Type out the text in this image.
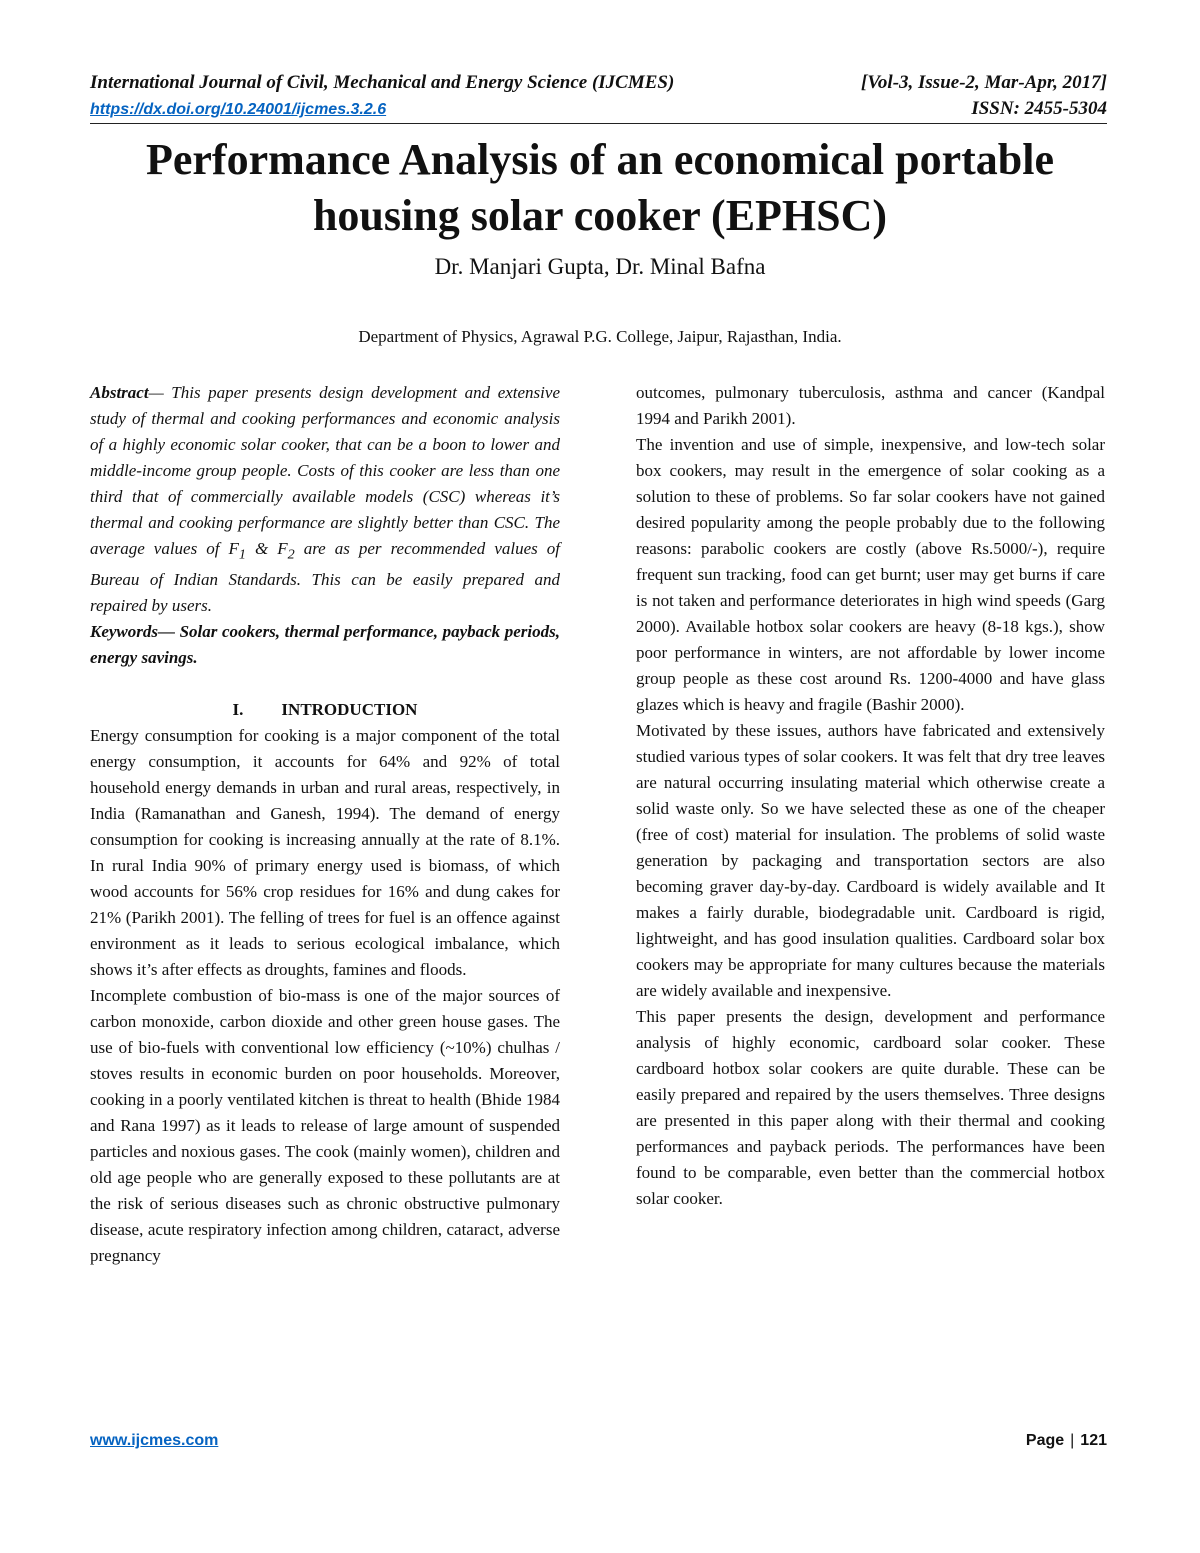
International Journal of Civil, Mechanical and Energy Science (IJCMES)	[Vol-3, Issue-2, Mar-Apr, 2017]
https://dx.doi.org/10.24001/ijcmes.3.2.6	ISSN: 2455-5304
Performance Analysis of an economical portable
housing solar cooker (EPHSC)
Dr. Manjari Gupta, Dr. Minal Bafna
Department of Physics, Agrawal P.G. College, Jaipur, Rajasthan, India.

Abstract— This paper presents design development and extensive study of thermal and cooking performances and economic analysis of a highly economic solar cooker, that can be a boon to lower and middle-income group people. Costs of this cooker are less than one third that of commercially available models (CSC) whereas it’s thermal and cooking performance are slightly better than CSC. The average values of $F_1$ & $F_2$ are as per recommended values of Bureau of Indian Standards. This can be easily prepared and repaired by users.

Keywords— Solar cookers, thermal performance, payback periods, energy savings.

I. INTRODUCTION

Energy consumption for cooking is a major component of the total energy consumption, it accounts for 64% and 92% of total household energy demands in urban and rural areas, respectively, in India (Ramanathan and Ganesh, 1994). The demand of energy consumption for cooking is increasing annually at the rate of 8.1%. In rural India 90% of primary energy used is biomass, of which wood accounts for 56% crop residues for 16% and dung cakes for 21% (Parikh 2001). The felling of trees for fuel is an offence against environment as it leads to serious ecological imbalance, which shows it’s after effects as droughts, famines and floods.

Incomplete combustion of bio-mass is one of the major sources of carbon monoxide, carbon dioxide and other green house gases. The use of bio-fuels with conventional low efficiency (~10%) chulhas / stoves results in economic burden on poor households. Moreover, cooking in a poorly ventilated kitchen is threat to health (Bhide 1984 and Rana 1997) as it leads to release of large amount of suspended particles and noxious gases. The cook (mainly women), children and old age people who are generally exposed to these pollutants are at the risk of serious diseases such as chronic obstructive pulmonary disease, acute respiratory infection among children, cataract, adverse pregnancy

outcomes, pulmonary tuberculosis, asthma and cancer (Kandpal 1994 and Parikh 2001).

The invention and use of simple, inexpensive, and low-tech solar box cookers, may result in the emergence of solar cooking as a solution to these of problems. So far solar cookers have not gained desired popularity among the people probably due to the following reasons: parabolic cookers are costly (above Rs.5000/-), require frequent sun tracking, food can get burnt; user may get burns if care is not taken and performance deteriorates in high wind speeds (Garg 2000). Available hotbox solar cookers are heavy (8-18 kgs.), show poor performance in winters, are not affordable by lower income group people as these cost around Rs. 1200-4000 and have glass glazes which is heavy and fragile (Bashir 2000).

Motivated by these issues, authors have fabricated and extensively studied various types of solar cookers. It was felt that dry tree leaves are natural occurring insulating material which otherwise create a solid waste only. So we have selected these as one of the cheaper (free of cost) material for insulation. The problems of solid waste generation by packaging and transportation sectors are also becoming graver day-by-day. Cardboard is widely available and It makes a fairly durable, biodegradable unit. Cardboard is rigid, lightweight, and has good insulation qualities. Cardboard solar box cookers may be appropriate for many cultures because the materials are widely available and inexpensive.

This paper presents the design, development and performance analysis of highly economic, cardboard solar cooker. These cardboard hotbox solar cookers are quite durable. These can be easily prepared and repaired by the users themselves. Three designs are presented in this paper along with their thermal and cooking performances and payback periods. The performances have been found to be comparable, even better than the commercial hotbox solar cooker.

www.ijcmes.com	Page | 121
